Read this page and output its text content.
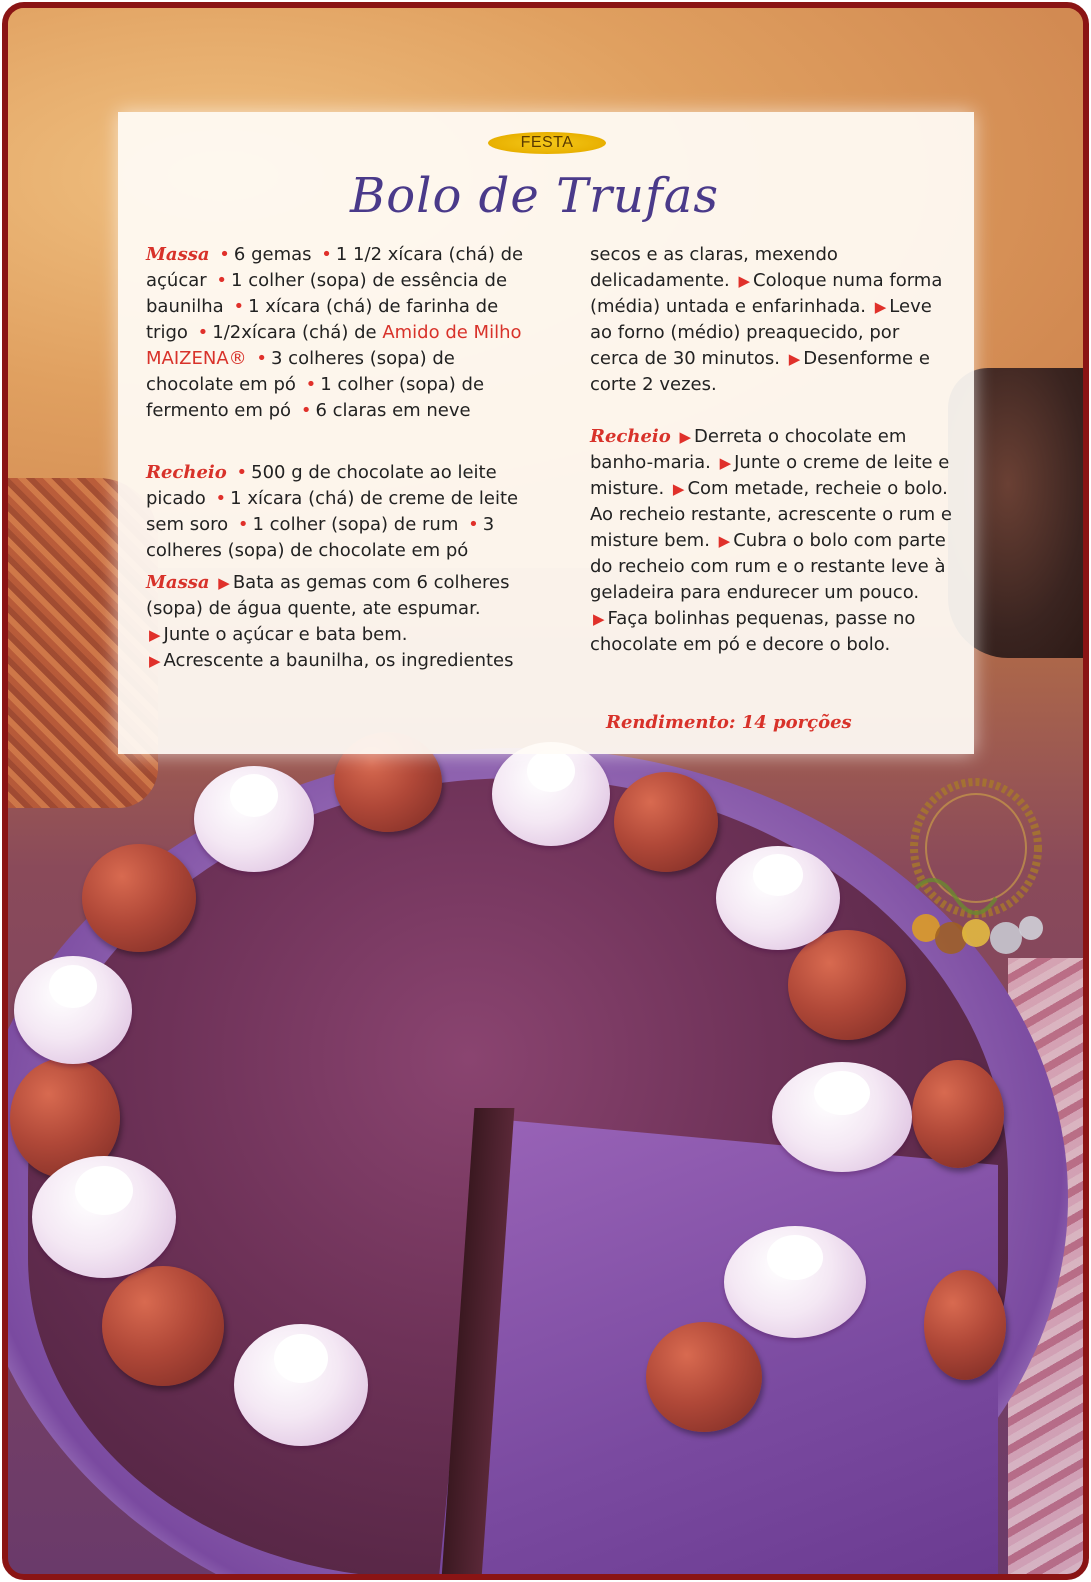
FESTA
Bolo de Trufas

Massa • 6 gemas • 1 1/2 xícara (chá) de açúcar • 1 colher (sopa) de essência de baunilha • 1 xícara (chá) de farinha de trigo • 1/2xícara (chá) de Amido de Milho MAIZENA® • 3 colheres (sopa) de chocolate em pó • 1 colher (sopa) de fermento em pó • 6 claras em neve

Recheio • 500 g de chocolate ao leite picado • 1 xícara (chá) de creme de leite sem soro • 1 colher (sopa) de rum • 3 colheres (sopa) de chocolate em pó

Massa ▶ Bata as gemas com 6 colheres (sopa) de água quente, ate espumar. ▶ Junte o açúcar e bata bem. ▶ Acrescente a baunilha, os ingredientes

secos e as claras, mexendo delicadamente. ▶ Coloque numa forma (média) untada e enfarinhada. ▶ Leve ao forno (médio) preaquecido, por cerca de 30 minutos. ▶ Desenforme e corte 2 vezes.

Recheio ▶ Derreta o chocolate em banho-maria. ▶ Junte o creme de leite e misture. ▶ Com metade, recheie o bolo. Ao recheio restante, acrescente o rum e misture bem. ▶ Cubra o bolo com parte do recheio com rum e o restante leve à geladeira para endurecer um pouco. ▶ Faça bolinhas pequenas, passe no chocolate em pó e decore o bolo.

Rendimento: 14 porções
